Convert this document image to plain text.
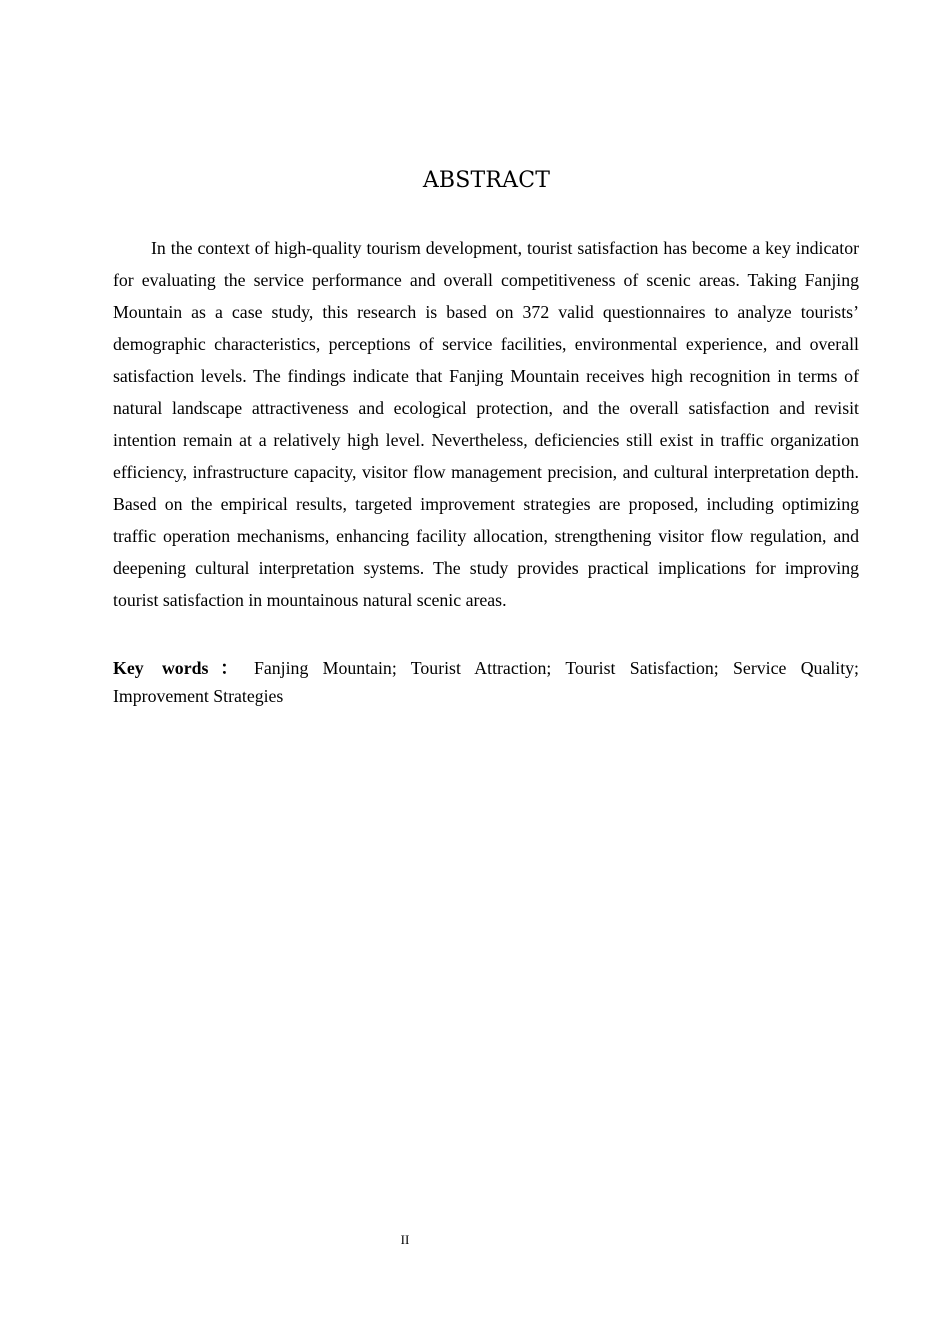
ABSTRACT

In the context of high-quality tourism development, tourist satisfaction has become a key indicator for evaluating the service performance and overall competitiveness of scenic areas. Taking Fanjing Mountain as a case study, this research is based on 372 valid questionnaires to analyze tourists’ demographic characteristics, perceptions of service facilities, environmental experience, and overall satisfaction levels. The findings indicate that Fanjing Mountain receives high recognition in terms of natural landscape attractiveness and ecological protection, and the overall satisfaction and revisit intention remain at a relatively high level. Nevertheless, deficiencies still exist in traffic organization efficiency, infrastructure capacity, visitor flow management precision, and cultural interpretation depth. Based on the empirical results, targeted improvement strategies are proposed, including optimizing traffic operation mechanisms, enhancing facility allocation, strengthening visitor flow regulation, and deepening cultural interpretation systems. The study provides practical implications for improving tourist satisfaction in mountainous natural scenic areas.

Key words ： Fanjing Mountain; Tourist Attraction; Tourist Satisfaction; Service Quality; Improvement Strategies

II
